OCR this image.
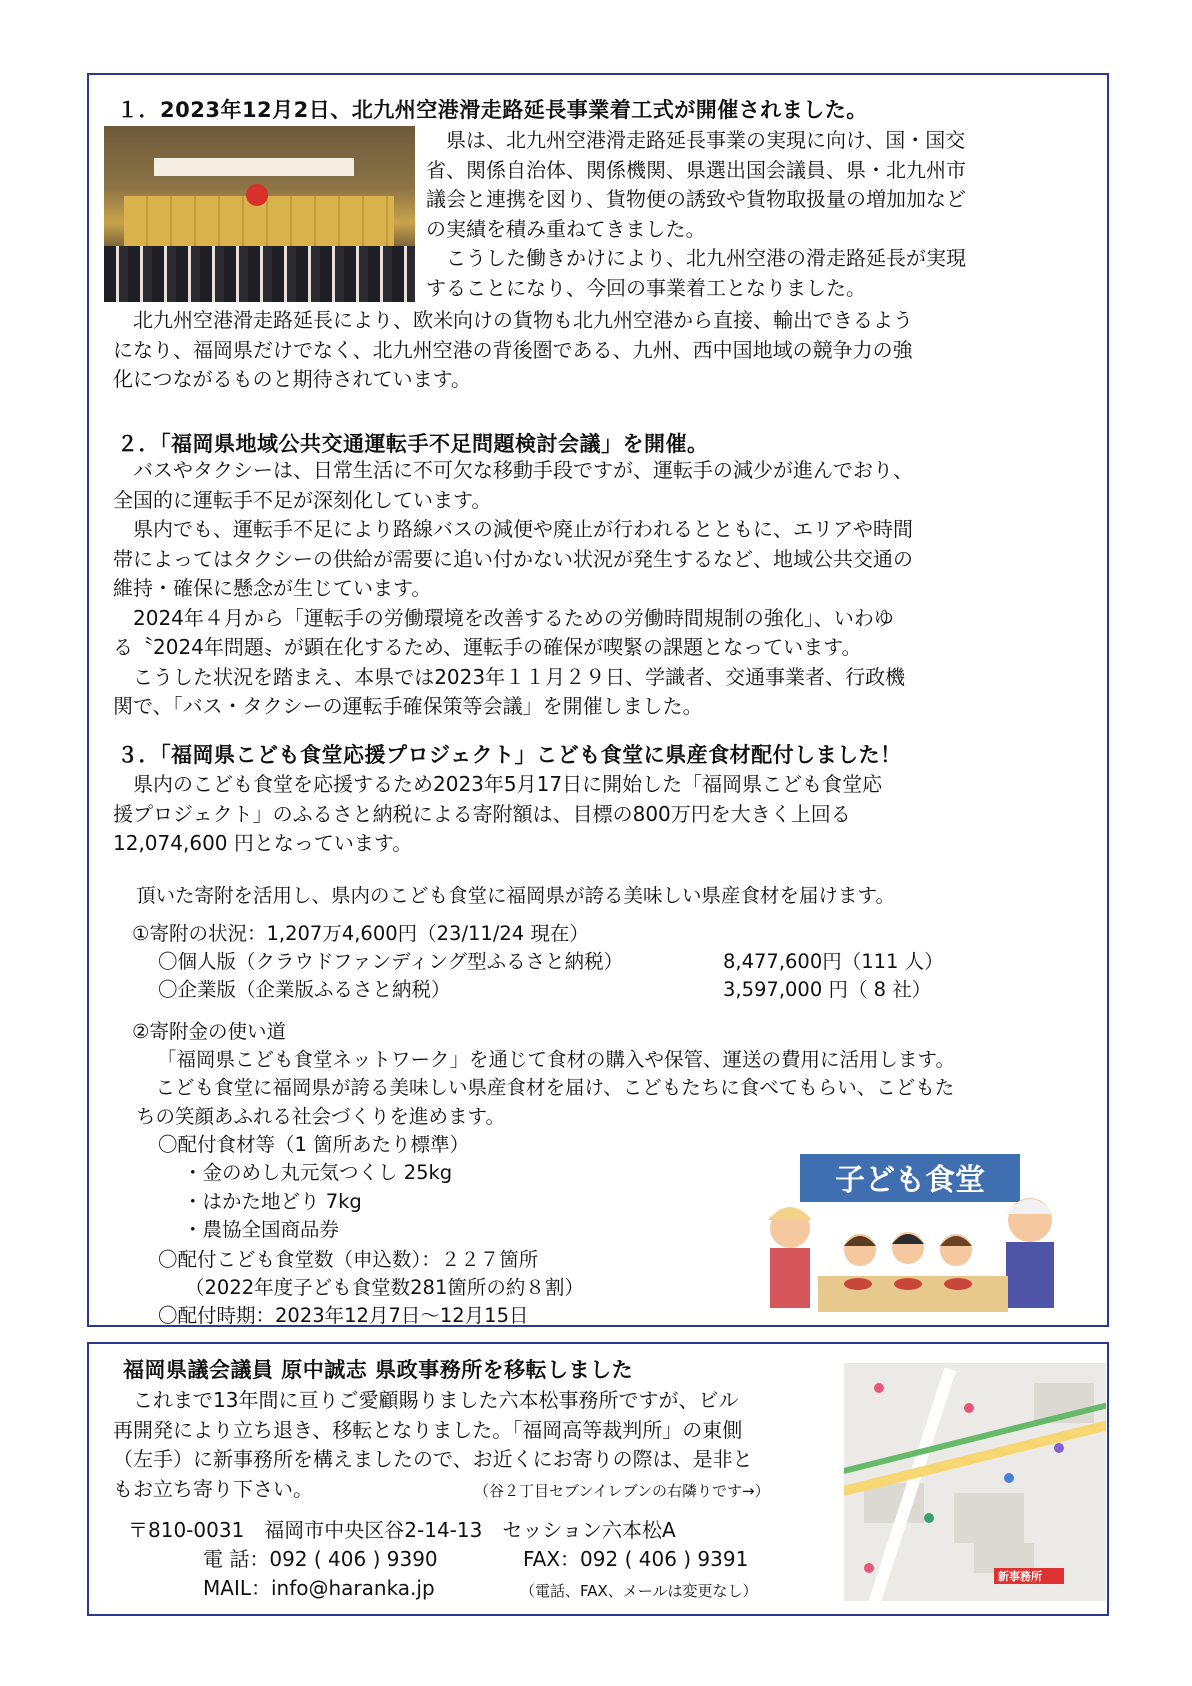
１．2023年12月2日、北九州空港滑走路延長事業着工式が開催されました。
　県は、北九州空港滑走路延長事業の実現に向け、国・国交
省、関係自治体、関係機関、県選出国会議員、県・北九州市
議会と連携を図り、貨物便の誘致や貨物取扱量の増加加など
の実績を積み重ねてきました。
　こうした働きかけにより、北九州空港の滑走路延長が実現
することになり、今回の事業着工となりました。
　北九州空港滑走路延長により、欧米向けの貨物も北九州空港から直接、輸出できるよう
になり、福岡県だけでなく、北九州空港の背後圏である、九州、西中国地域の競争力の強
化につながるものと期待されています。
２．「福岡県地域公共交通運転手不足問題検討会議」を開催。
　バスやタクシーは、日常生活に不可欠な移動手段ですが、運転手の減少が進んでおり、
全国的に運転手不足が深刻化しています。
　県内でも、運転手不足により路線バスの減便や廃止が行われるとともに、エリアや時間
帯によってはタクシーの供給が需要に追い付かない状況が発生するなど、地域公共交通の
維持・確保に懸念が生じています。
　2024年４月から「運転手の労働環境を改善するための労働時間規制の強化」、いわゆ
る〝2024年問題〟が顕在化するため、運転手の確保が喫緊の課題となっています。
　こうした状況を踏まえ、本県では2023年１１月２９日、学識者、交通事業者、行政機
関で、「バス・タクシーの運転手確保策等会議」を開催しました。
３．「福岡県こども食堂応援プロジェクト」こども食堂に県産食材配付しました！
　県内のこども食堂を応援するため2023年5月17日に開始した「福岡県こども食堂応
援プロジェクト」のふるさと納税による寄附額は、目標の800万円を大きく上回る
12,074,600 円となっています。
頂いた寄附を活用し、県内のこども食堂に福岡県が誇る美味しい県産食材を届けます。
①寄附の状況：1,207万4,600円（23/11/24 現在）
〇個人版（クラウドファンディング型ふるさと納税）	8,477,600円（111 人）
〇企業版（企業版ふるさと納税）	3,597,000 円（ 8 社）
②寄附金の使い道
「福岡県こども食堂ネットワーク」を通じて食材の購入や保管、運送の費用に活用します。
　こども食堂に福岡県が誇る美味しい県産食材を届け、こどもたちに食べてもらい、こどもた
ちの笑顔あふれる社会づくりを進めます。
〇配付食材等（1 箇所あたり標準）
・金のめし丸元気つくし 25kg
・はかた地どり 7kg
・農協全国商品券
〇配付こども食堂数（申込数）：２２７箇所
（2022年度子ども食堂数281箇所の約８割）
〇配付時期：2023年12月7日～12月15日
子ども食堂
福岡県議会議員 原中誠志 県政事務所を移転しました
　これまで13年間に亘りご愛顧賜りました六本松事務所ですが、ビル
再開発により立ち退き、移転となりました。「福岡高等裁判所」の東側
（左手）に新事務所を構えましたので、お近くにお寄りの際は、是非と
もお立ち寄り下さい。	（谷２丁目セブンイレブンの右隣りです→）
〒810-0031　福岡市中央区谷2-14-13　セッション六本松A
電 話：092 ( 406 ) 9390	FAX：092 ( 406 ) 9391
MAIL：info@haranka.jp	（電話、FAX、メールは変更なし）
新事務所
